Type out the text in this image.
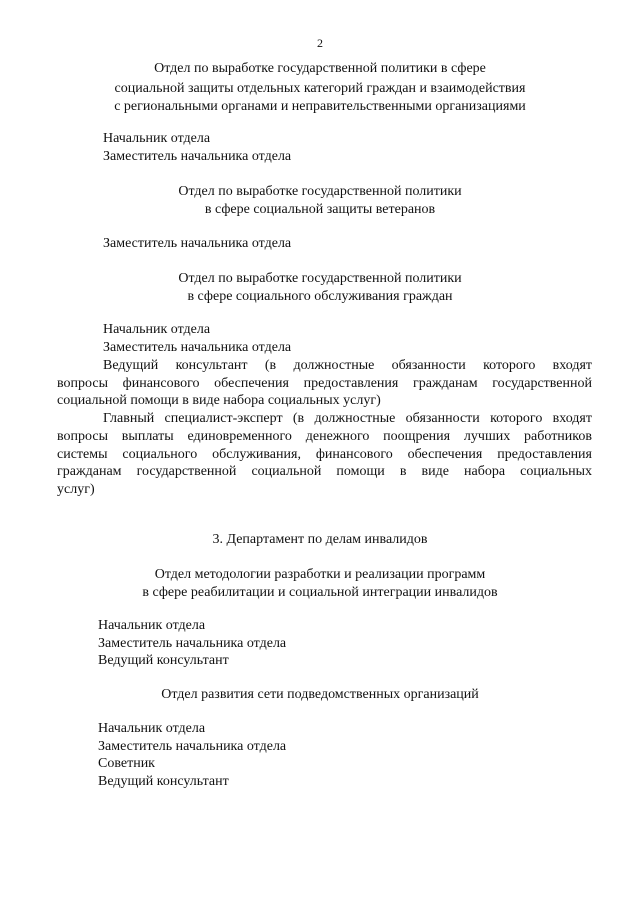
2

Отдел по выработке государственной политики в сфере

социальной защиты отдельных категорий граждан и взаимодействия

с региональными органами и неправительственными организациями

Начальник отдела

Заместитель начальника отдела

Отдел по выработке государственной политики

в сфере социальной защиты ветеранов

Заместитель начальника отдела

Отдел по выработке государственной политики

в сфере социального обслуживания граждан

Начальник отдела

Заместитель начальника отдела

Ведущий консультант (в должностные обязанности которого входят

вопросы финансового обеспечения предоставления гражданам государственной

социальной помощи в виде набора социальных услуг)

Главный специалист-эксперт (в должностные обязанности которого входят

вопросы выплаты единовременного денежного поощрения лучших работников

системы социального обслуживания, финансового обеспечения предоставления

гражданам государственной социальной помощи в виде набора социальных

услуг)

3. Департамент по делам инвалидов

Отдел методологии разработки и реализации программ

в сфере реабилитации и социальной интеграции инвалидов

Начальник отдела

Заместитель начальника отдела

Ведущий консультант

Отдел развития сети подведомственных организаций

Начальник отдела

Заместитель начальника отдела

Советник

Ведущий консультант
